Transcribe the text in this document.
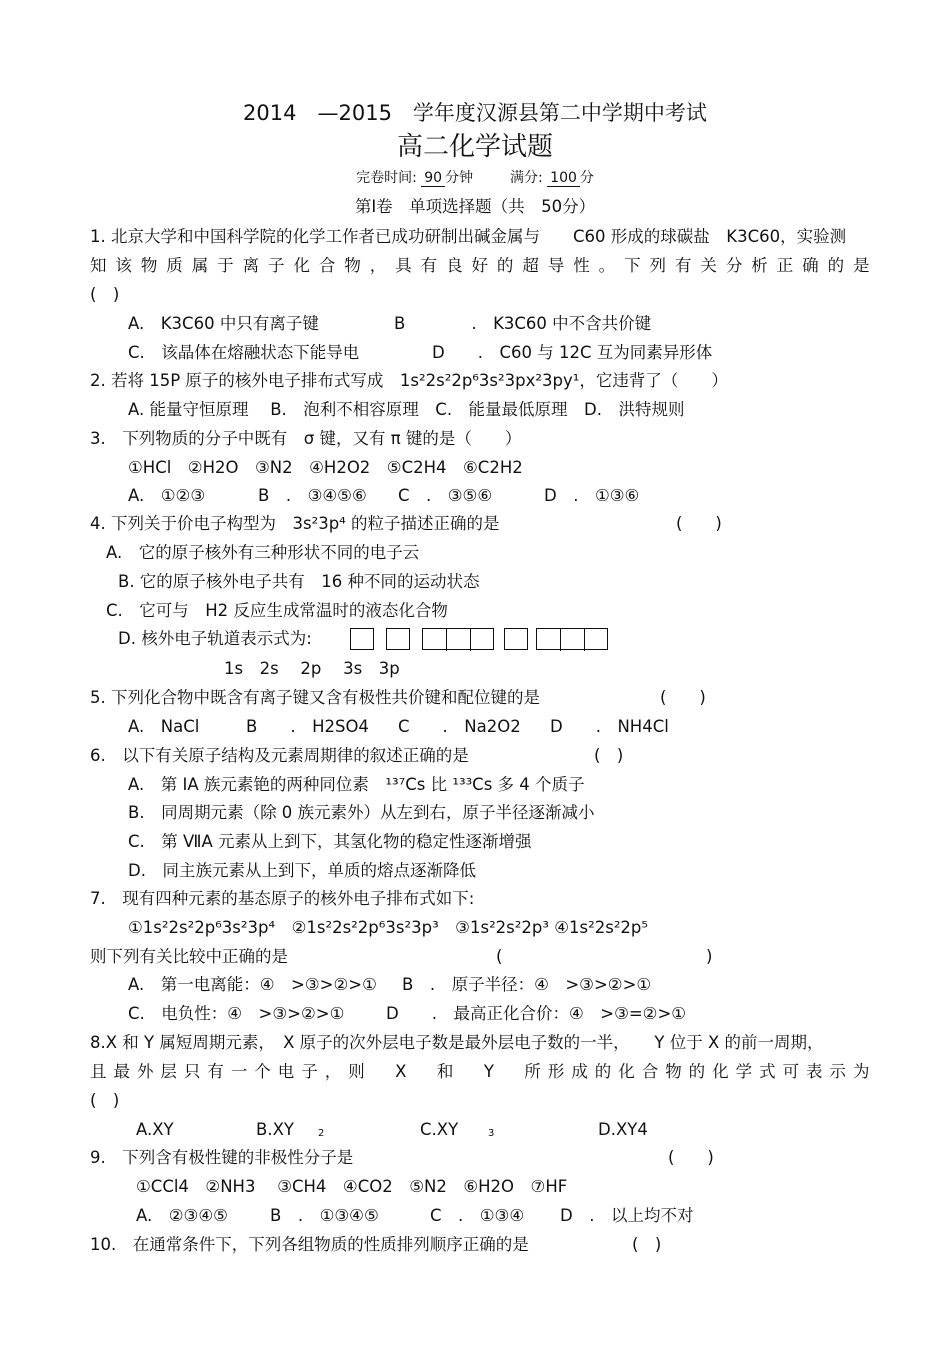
2014　—2015　学年度汉源县第二中学期中考试
高二化学试题
完卷时间: 90 分钟   	满分: 100 分
第Ⅰ卷　单项选择题（共　50分）
1. 北京大学和中国科学院的化学工作者已成功研制出碱金属与　　C60 形成的球碳盐　K3C60，实验测
知该物质属于离子化合物，具有良好的超导性。下列有关分析正确的是
(　)
A.　K3C60 中只有离子键	B　　　　.　K3C60 中不含共价键
C.　该晶体在熔融状态下能导电	D　　.　C60 与 12C 互为同素异形体
2. 若将 15P 原子的核外电子排布式写成　1s²2s²2p⁶3s²3px²3py¹，它违背了（　　）
A. 能量守恒原理　 B.　泡利不相容原理　C.　能量最低原理　D.　洪特规则
3.　下列物质的分子中既有　σ 键，又有 π 键的是（　　）
①HCl　②H2O　③N2　④H2O2　⑤C2H4　⑥C2H2
A.　①②③	B　.　③④⑤⑥ C　.　③⑤⑥	D　.　①③⑥
4. 下列关于价电子构型为　3s²3p⁴ 的粒子描述正确的是	(　　)
A.　它的原子核外有三种形状不同的电子云
B. 它的原子核外电子共有　16 种不同的运动状态
C.　它可与　H2 反应生成常温时的液态化合物
D. 核外电子轨道表示式为:
1s　2s　 2p　 3s　3p
5. 下列化合物中既含有离子键又含有极性共价键和配位键的是	(　　)
A.　NaCl	B　　.　H2SO4 C　　.　Na2O2 D　　.　NH4Cl
6.　以下有关原子结构及元素周期律的叙述正确的是	(　)
A.　第 IA 族元素铯的两种同位素　¹³⁷Cs 比 ¹³³Cs 多 4 个质子
B.　同周期元素（除 0 族元素外）从左到右，原子半径逐渐减小
C.　第 ⅦA 元素从上到下，其氢化物的稳定性逐渐增强
D.　同主族元素从上到下，单质的熔点逐渐降低
7.　现有四种元素的基态原子的核外电子排布式如下:
①1s²2s²2p⁶3s²3p⁴　②1s²2s²2p⁶3s²3p³　③1s²2s²2p³ ④1s²2s²2p⁵
则下列有关比较中正确的是	(	)
A.　第一电离能：④　>③>②>① B　.　原子半径：④　>③>②>①
C.　电负性：④　>③>②>①	D　　.　最高正化合价：④　>③=②>①
8.X 和 Y 属短周期元素，　X 原子的次外层电子数是最外层电子数的一半，　　Y 位于 X 的前一周期，
且最外层只有一个电子，则　X　和　Y　所形成的化合物的化学式可表示为
(　)
A.XY	B.XY 2	C.XY	3	D.XY4
9.　下列含有极性键的非极性分子是	(　　)
①CCl4　②NH3　 ③CH4　④CO2　⑤N2　⑥H2O　⑦HF
A.　②③④⑤	B　.　①③④⑤	C　.　①③④ D　.　以上均不对
10.　在通常条件下，下列各组物质的性质排列顺序正确的是	(　)
